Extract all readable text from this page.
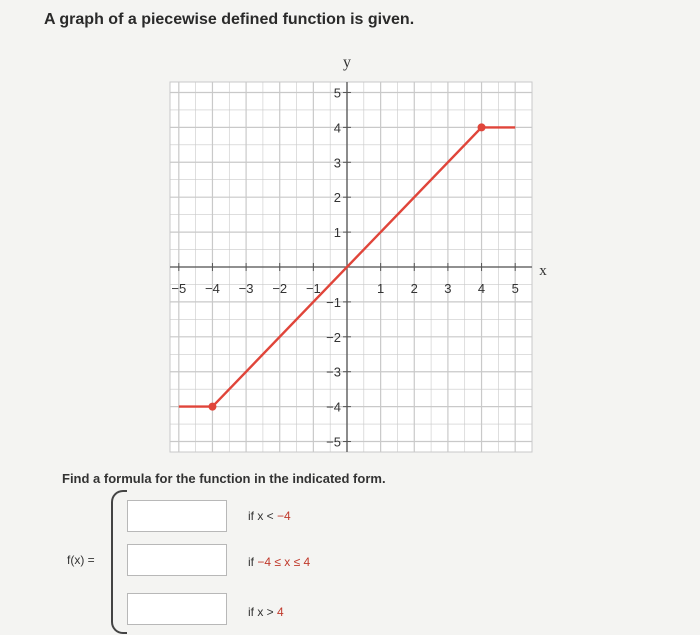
A graph of a piecewise defined function is given.
−5 −4 −3 −2 −1	1 2 3 4 5
5
4
3
2
1
−1
−2
−3
−4
−5
x
y
Find a formula for the function in the indicated form.
f(x) =
if x < −4
if −4 ≤ x ≤ 4
if x > 4
